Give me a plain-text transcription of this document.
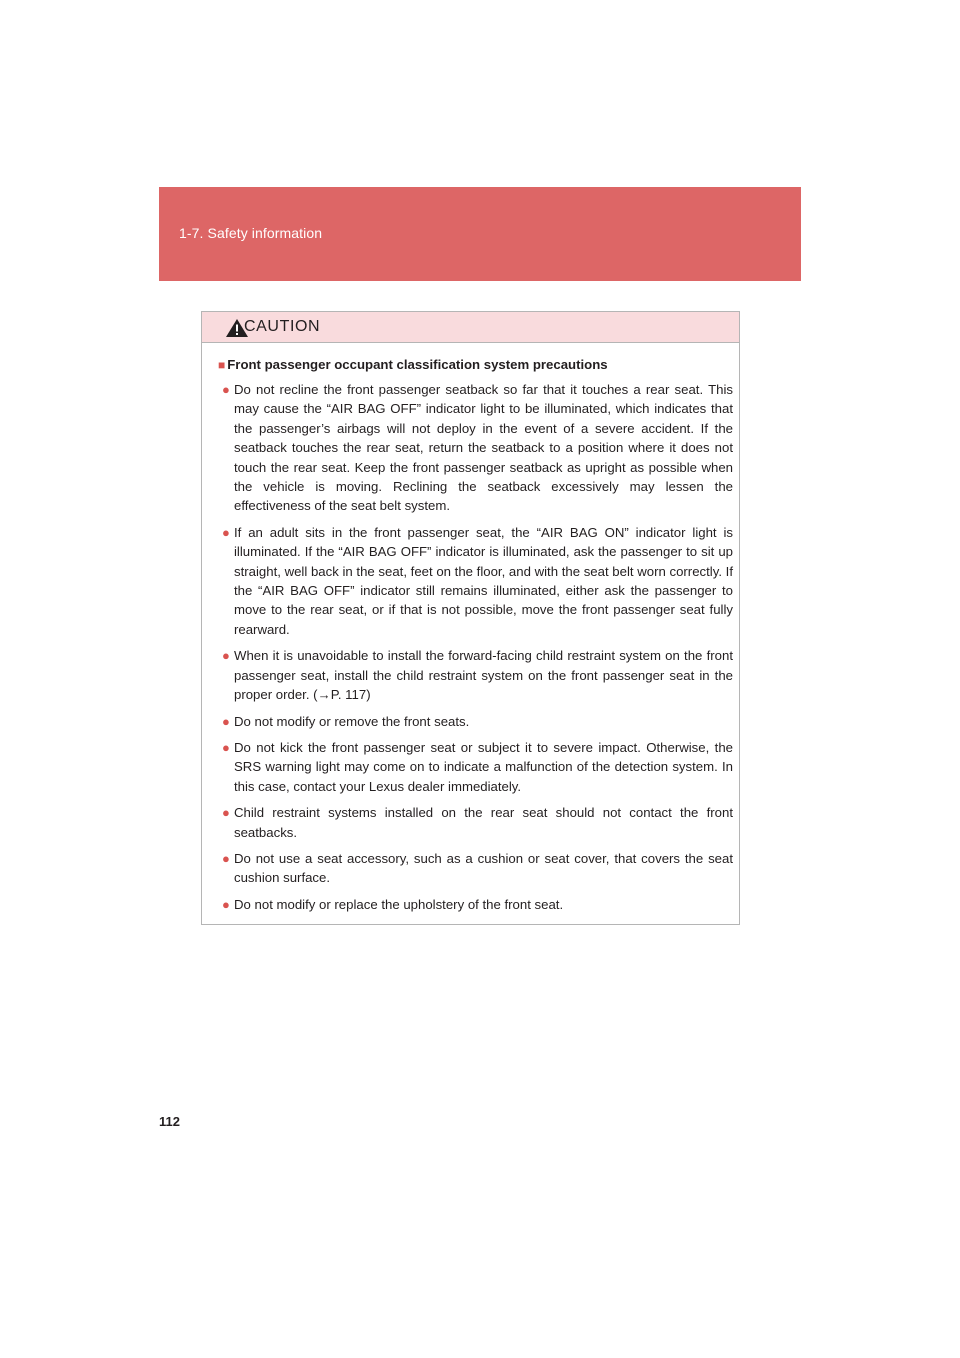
1-7. Safety information
CAUTION

■ Front passenger occupant classification system precautions

● Do not recline the front passenger seatback so far that it touches a rear seat. This may cause the “AIR BAG OFF” indicator light to be illuminated, which indicates that the passenger’s airbags will not deploy in the event of a severe accident. If the seatback touches the rear seat, return the seatback to a position where it does not touch the rear seat. Keep the front passenger seatback as upright as possible when the vehicle is moving. Reclining the seatback excessively may lessen the effectiveness of the seat belt system.
● If an adult sits in the front passenger seat, the “AIR BAG ON” indicator light is illuminated. If the “AIR BAG OFF” indicator is illuminated, ask the passenger to sit up straight, well back in the seat, feet on the floor, and with the seat belt worn correctly. If the “AIR BAG OFF” indicator still remains illuminated, either ask the passenger to move to the rear seat, or if that is not possible, move the front passenger seat fully rearward.
● When it is unavoidable to install the forward-facing child restraint system on the front passenger seat, install the child restraint system on the front passenger seat in the proper order. (→P. 117)
● Do not modify or remove the front seats.
● Do not kick the front passenger seat or subject it to severe impact. Otherwise, the SRS warning light may come on to indicate a malfunction of the detection system. In this case, contact your Lexus dealer immediately.
● Child restraint systems installed on the rear seat should not contact the front seatbacks.
● Do not use a seat accessory, such as a cushion or seat cover, that covers the seat cushion surface.
● Do not modify or replace the upholstery of the front seat.
112
